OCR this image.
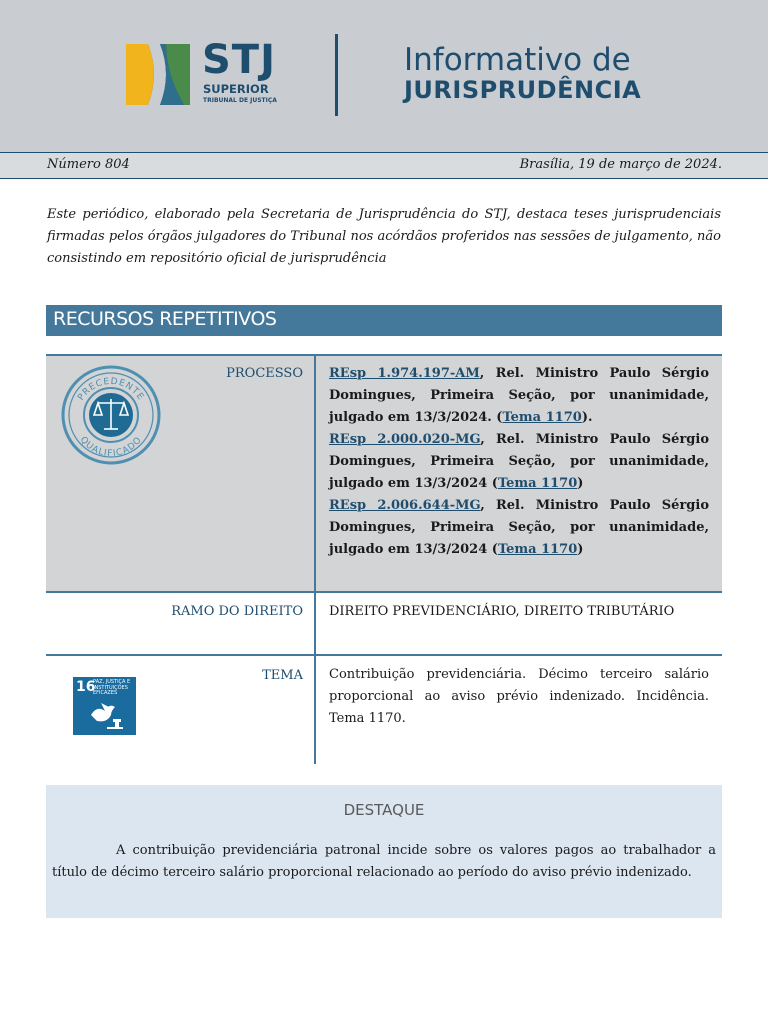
STJ
SUPERIOR
TRIBUNAL DE JUSTIÇA
Informativo de
JURISPRUDÊNCIA
Número 804	Brasília, 19 de março de 2024.

Este periódico, elaborado pela Secretaria de Jurisprudência do STJ, destaca teses jurisprudenciais firmadas pelos órgãos julgadores do Tribunal nos acórdãos proferidos nas sessões de julgamento, não consistindo em repositório oficial de jurisprudência

RECURSOS REPETITIVOS
PRECEDENTE
QUALIFICADO
PROCESSO REsp 1.974.197-AM, Rel. Ministro Paulo Sérgio Domingues, Primeira Seção, por unanimidade, julgado em 13/3/2024. (Tema 1170).
REsp 2.000.020-MG, Rel. Ministro Paulo Sérgio Domingues, Primeira Seção, por unanimidade, julgado em 13/3/2024 (Tema 1170)
REsp 2.006.644-MG, Rel. Ministro Paulo Sérgio Domingues, Primeira Seção, por unanimidade, julgado em 13/3/2024 (Tema 1170)
RAMO DO DIREITO DIREITO PREVIDENCIÁRIO, DIREITO TRIBUTÁRIO
16
PAZ, JUSTIÇA E INSTITUIÇÕES EFICAZES
TEMA Contribuição previdenciária. Décimo terceiro salário proporcional ao aviso prévio indenizado. Incidência. Tema 1170.
DESTAQUE

A contribuição previdenciária patronal incide sobre os valores pagos ao trabalhador a título de décimo terceiro salário proporcional relacionado ao período do aviso prévio indenizado.
